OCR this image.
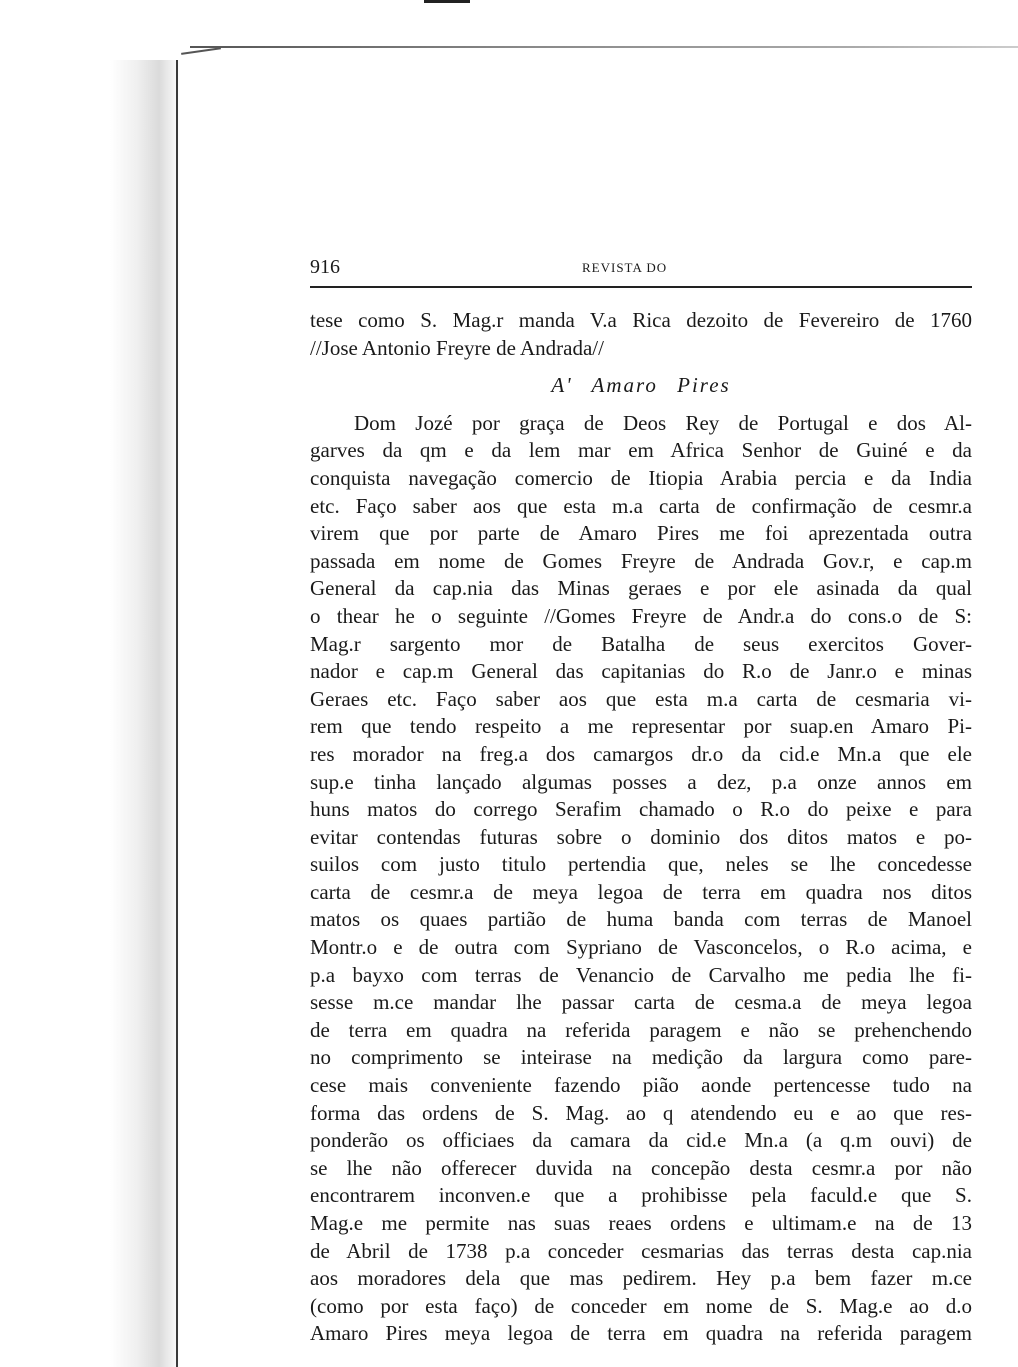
916	REVISTA DO
tese como S. Mag.r manda V.a Rica dezoito de Fevereiro de 1760
//Jose Antonio Freyre de Andrada//
A' Amaro Pires
Dom Jozé por graça de Deos Rey de Portugal e dos Al-
garves da qm e da lem mar em Africa Senhor de Guiné e da
conquista navegação comercio de Itiopia Arabia percia e da India
etc. Faço saber aos que esta m.a carta de confirmação de cesmr.a
virem que por parte de Amaro Pires me foi aprezentada outra
passada em nome de Gomes Freyre de Andrada Gov.r, e cap.m
General da cap.nia das Minas geraes e por ele asinada da qual
o thear he o seguinte //Gomes Freyre de Andr.a do cons.o de S:
Mag.r sargento mor de Batalha de seus exercitos Gover-
nador e cap.m General das capitanias do R.o de Janr.o e minas
Geraes etc. Faço saber aos que esta m.a carta de cesmaria vi-
rem que tendo respeito a me representar por suap.en Amaro Pi-
res morador na freg.a dos camargos dr.o da cid.e Mn.a que ele
sup.e tinha lançado algumas posses a dez, p.a onze annos em
huns matos do corrego Serafim chamado o R.o do peixe e para
evitar contendas futuras sobre o dominio dos ditos matos e po-
suilos com justo titulo pertendia que, neles se lhe concedesse
carta de cesmr.a de meya legoa de terra em quadra nos ditos
matos os quaes partião de huma banda com terras de Manoel
Montr.o e de outra com Sypriano de Vasconcelos, o R.o acima, e
p.a bayxo com terras de Venancio de Carvalho me pedia lhe fi-
sesse m.ce mandar lhe passar carta de cesma.a de meya legoa
de terra em quadra na referida paragem e não se prehenchendo
no comprimento se inteirase na medição da largura como pare-
cese mais conveniente fazendo pião aonde pertencesse tudo na
forma das ordens de S. Mag. ao q atendendo eu e ao que res-
ponderão os officiaes da camara da cid.e Mn.a (a q.m ouvi) de
se lhe não offerecer duvida na concepão desta cesmr.a por não
encontrarem inconven.e que a prohibisse pela faculd.e que S.
Mag.e me permite nas suas reaes ordens e ultimam.e na de 13
de Abril de 1738 p.a conceder cesmarias das terras desta cap.nia
aos moradores dela que mas pedirem. Hey p.a bem fazer m.ce
(como por esta faço) de conceder em nome de S. Mag.e ao d.o
Amaro Pires meya legoa de terra em quadra na referida paragem
